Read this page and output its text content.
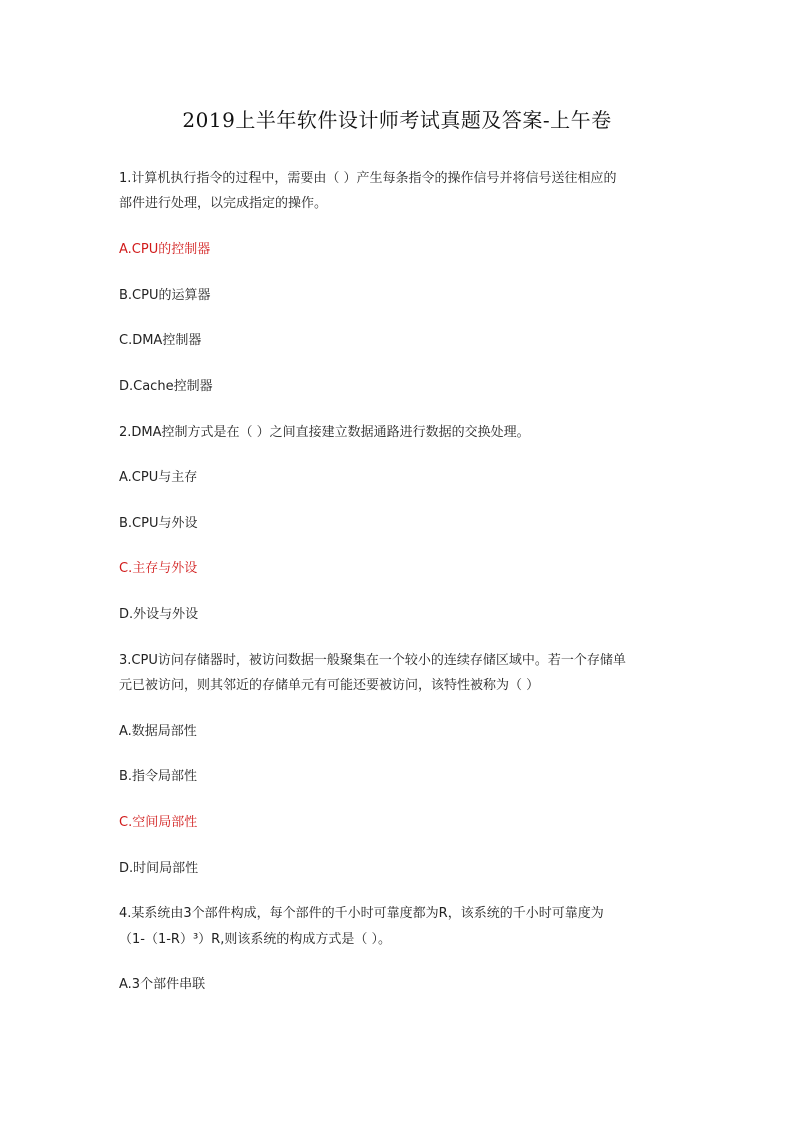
2019上半年软件设计师考试真题及答案-上午卷
1.计算机执行指令的过程中，需要由（ ）产生每条指令的操作信号并将信号送往相应的
部件进行处理，以完成指定的操作。
A.CPU的控制器
B.CPU的运算器
C.DMA控制器
D.Cache控制器
2.DMA控制方式是在（ ）之间直接建立数据通路进行数据的交换处理。
A.CPU与主存
B.CPU与外设
C.主存与外设
D.外设与外设
3.CPU访问存储器时，被访问数据一般聚集在一个较小的连续存储区域中。若一个存储单
元已被访问，则其邻近的存储单元有可能还要被访问，该特性被称为（ ）
A.数据局部性
B.指令局部性
C.空间局部性
D.时间局部性
4.某系统由3个部件构成，每个部件的千小时可靠度都为R，该系统的千小时可靠度为
（1-（1-R）³）R,则该系统的构成方式是（ ）。
A.3个部件串联
